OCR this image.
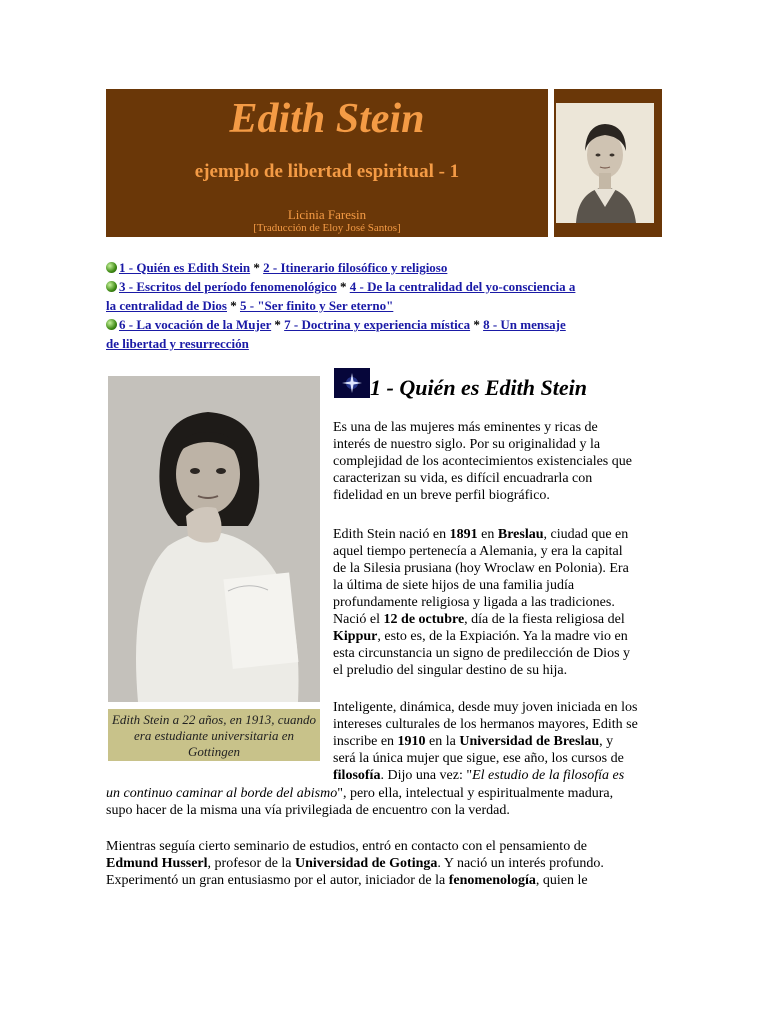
Edith Stein
ejemplo de libertad espiritual - 1
Licinia Faresin
[Traducción de Eloy José Santos]
1 - Quién es Edith Stein * 2 - Itinerario filosófico y religioso
3 - Escritos del período fenomenológico * 4 - De la centralidad del yo-consciencia a
la centralidad de Dios * 5 - "Ser finito y Ser eterno"
6 - La vocación de la Mujer * 7 - Doctrina y experiencia mística * 8 - Un mensaje
de libertad y resurrección
Edith Stein a 22 años, en 1913, cuando era estudiante universitaria en Gottingen
1 - Quién es Edith Stein
Es una de las mujeres más eminentes y ricas de
interés de nuestro siglo. Por su originalidad y la
complejidad de los acontecimientos existenciales que
caracterizan su vida, es difícil encuadrarla con
fidelidad en un breve perfil biográfico.
Edith Stein nació en 1891 en Breslau, ciudad que en
aquel tiempo pertenecía a Alemania, y era la capital
de la Silesia prusiana (hoy Wroclaw en Polonia). Era
la última de siete hijos de una familia judía
profundamente religiosa y ligada a las tradiciones.
Nació el 12 de octubre, día de la fiesta religiosa del
Kippur, esto es, de la Expiación. Ya la madre vio en
esta circunstancia un signo de predilección de Dios y
el preludio del singular destino de su hija.
Inteligente, dinámica, desde muy joven iniciada en los
intereses culturales de los hermanos mayores, Edith se
inscribe en 1910 en la Universidad de Breslau, y
será la única mujer que sigue, ese año, los cursos de
filosofía. Dijo una vez: "El estudio de la filosofía es
un continuo caminar al borde del abismo", pero ella, intelectual y espiritualmente madura,
supo hacer de la misma una vía privilegiada de encuentro con la verdad.
Mientras seguía cierto seminario de estudios, entró en contacto con el pensamiento de
Edmund Husserl, profesor de la Universidad de Gotinga. Y nació un interés profundo.
Experimentó un gran entusiasmo por el autor, iniciador de la fenomenología, quien le
